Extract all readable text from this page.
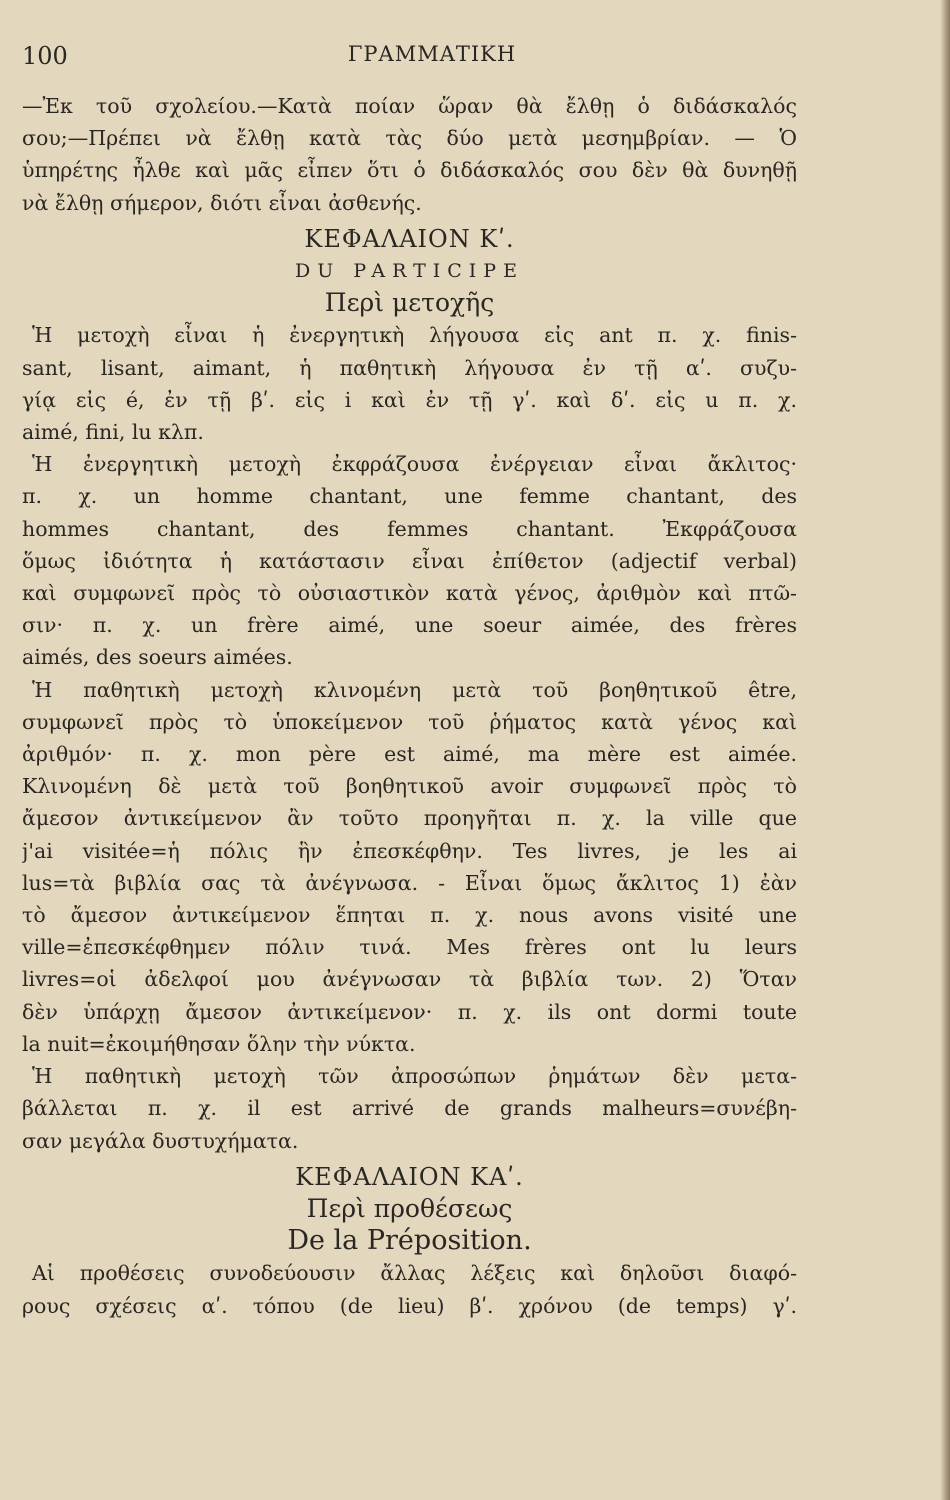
100	ΓΡΑΜΜΑΤΙΚΗ
—Ἐκ τοῦ σχολείου.—Κατὰ ποίαν ὥραν θὰ ἔλθῃ ὁ διδάσκαλός
σου;—Πρέπει νὰ ἔλθῃ κατὰ τὰς δύο μετὰ μεσημβρίαν. — Ὁ
ὑπηρέτης ἦλθε καὶ μᾶς εἶπεν ὅτι ὁ διδάσκαλός σου δὲν θὰ δυνηθῇ
νὰ ἔλθῃ σήμερον, διότι εἶναι ἀσθενής.
ΚΕΦΑΛΑΙΟΝ Κʹ.
DU PARTICIPE
Περὶ μετοχῆς
Ἡ μετοχὴ εἶναι ἡ ἐνεργητικὴ λήγουσα εἰς ant π. χ. finis-
sant, lisant, aimant, ἡ παθητικὴ λήγουσα ἐν τῇ αʹ. συζυ-
γίᾳ εἰς é, ἐν τῇ βʹ. εἰς i καὶ ἐν τῇ γʹ. καὶ δʹ. εἰς u π. χ.
aimé, fini, lu κλπ.
Ἡ ἐνεργητικὴ μετοχὴ ἐκφράζουσα ἐνέργειαν εἶναι ἄκλιτος·
π. χ. un homme chantant, une femme chantant, des
hommes chantant, des femmes chantant. Ἐκφράζουσα
ὅμως ἰδιότητα ἡ κατάστασιν εἶναι ἐπίθετον (adjectif verbal)
καὶ συμφωνεῖ πρὸς τὸ οὐσιαστικὸν κατὰ γένος, ἀριθμὸν καὶ πτῶ-
σιν· π. χ. un frère aimé, une soeur aimée, des frères
aimés, des soeurs aimées.
Ἡ παθητικὴ μετοχὴ κλινομένη μετὰ τοῦ βοηθητικοῦ être,
συμφωνεῖ πρὸς τὸ ὑποκείμενον τοῦ ῥήματος κατὰ γένος καὶ
ἀριθμόν· π. χ. mon père est aimé, ma mère est aimée.
Κλινομένη δὲ μετὰ τοῦ βοηθητικοῦ avoir συμφωνεῖ πρὸς τὸ
ἄμεσον ἀντικείμενον ἂν τοῦτο προηγῆται π. χ. la ville que
j'ai visitée=ἡ πόλις ἣν ἐπεσκέφθην. Tes livres, je les ai
lus=τὰ βιβλία σας τὰ ἀνέγνωσα. - Εἶναι ὅμως ἄκλιτος 1) ἐὰν
τὸ ἄμεσον ἀντικείμενον ἕπηται π. χ. nous avons visité une
ville=ἐπεσκέφθημεν πόλιν τινά. Mes frères ont lu leurs
livres=οἱ ἀδελφοί μου ἀνέγνωσαν τὰ βιβλία των. 2) Ὅταν
δὲν ὑπάρχῃ ἄμεσον ἀντικείμενον· π. χ. ils ont dormi toute
la nuit=ἐκοιμήθησαν ὅλην τὴν νύκτα.
Ἡ παθητικὴ μετοχὴ τῶν ἀπροσώπων ῥημάτων δὲν μετα-
βάλλεται π. χ. il est arrivé de grands malheurs=συνέβη-
σαν μεγάλα δυστυχήματα.
ΚΕΦΑΛΑΙΟΝ ΚΑʹ.
Περὶ προθέσεως
De la Préposition.
Αἱ προθέσεις συνοδεύουσιν ἄλλας λέξεις καὶ δηλοῦσι διαφό-
ρους σχέσεις αʹ. τόπου (de lieu) βʹ. χρόνου (de temps) γʹ.
